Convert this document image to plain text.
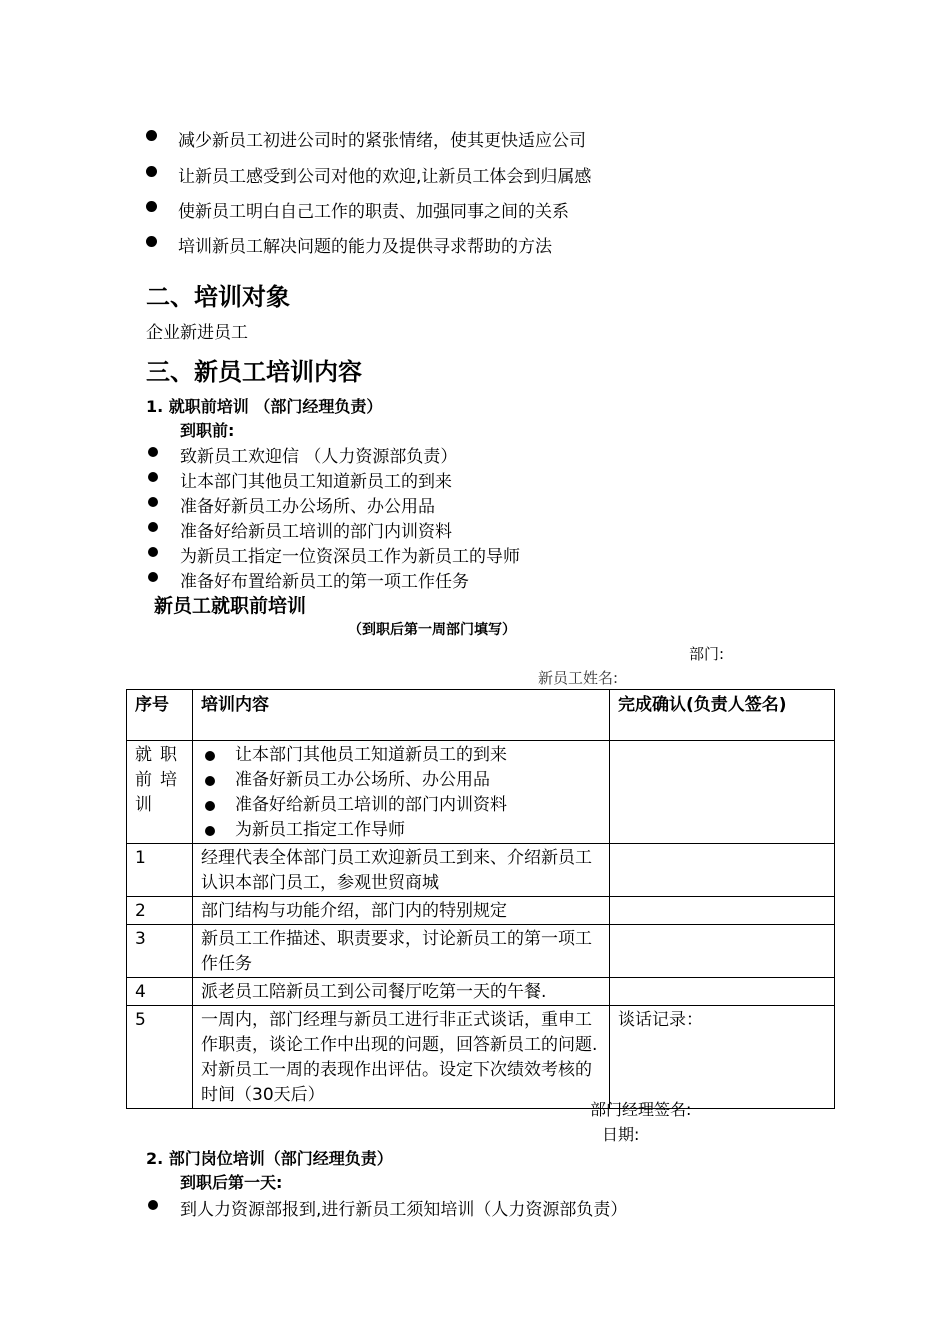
减少新员工初进公司时的紧张情绪，使其更快适应公司
让新员工感受到公司对他的欢迎,让新员工体会到归属感
使新员工明白自己工作的职责、加强同事之间的关系
培训新员工解决问题的能力及提供寻求帮助的方法
二、培训对象
企业新进员工
三、新员工培训内容
1. 就职前培训 （部门经理负责）
到职前:
致新员工欢迎信 （人力资源部负责）
让本部门其他员工知道新员工的到来
准备好新员工办公场所、办公用品
准备好给新员工培训的部门内训资料
为新员工指定一位资深员工作为新员工的导师
准备好布置给新员工的第一项工作任务
新员工就职前培训
（到职后第一周部门填写）
部门:
新员工姓名:
序号	培训内容	完成确认(负责人签名)

就职前培训	让本部门其他员工知道新员工的到来
准备好新员工办公场所、办公用品
准备好给新员工培训的部门内训资料
为新员工指定工作导师	

1	经理代表全体部门员工欢迎新员工到来、介绍新员工认识本部门员工，参观世贸商城	
2	部门结构与功能介绍，部门内的特别规定	
3	新员工工作描述、职责要求，讨论新员工的第一项工作任务	
4	派老员工陪新员工到公司餐厅吃第一天的午餐.	
5	一周内，部门经理与新员工进行非正式谈话，重申工作职责，谈论工作中出现的问题，回答新员工的问题.对新员工一周的表现作出评估。设定下次绩效考核的时间（30天后）	谈话记录：
部门经理签名:
日期:
2. 部门岗位培训（部门经理负责）
到职后第一天:
到人力资源部报到,进行新员工须知培训（人力资源部负责）
